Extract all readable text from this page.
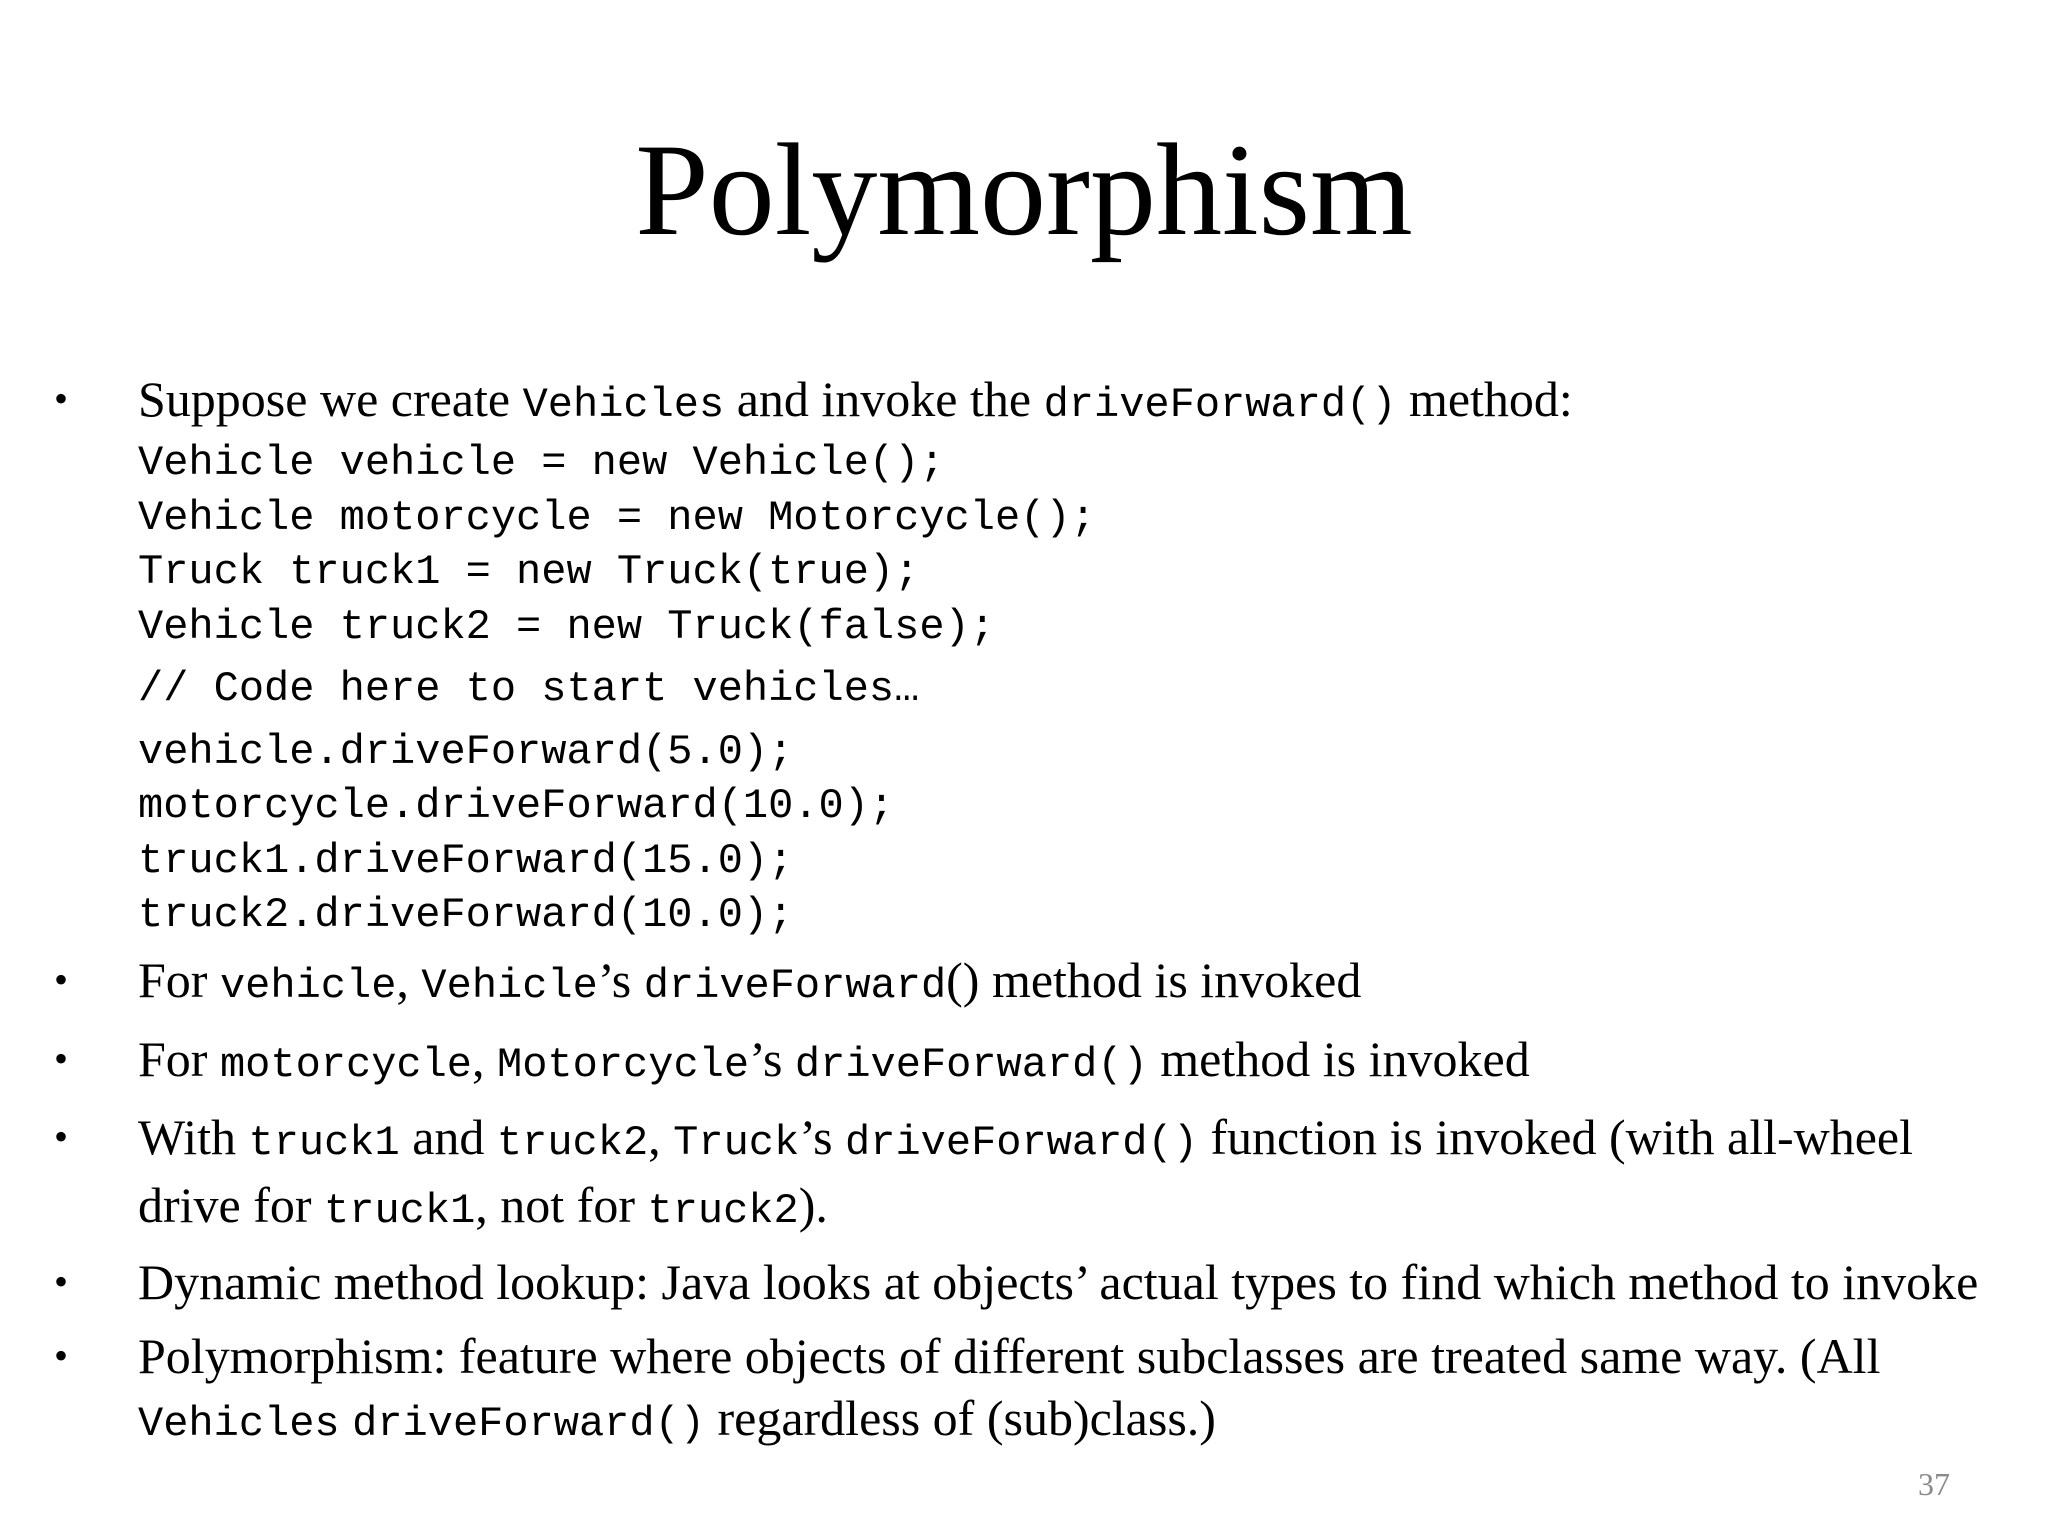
Polymorphism
• Suppose we create Vehicles and invoke the driveForward() method:
Vehicle vehicle = new Vehicle();
Vehicle motorcycle = new Motorcycle();
Truck truck1 = new Truck(true);
Vehicle truck2 = new Truck(false);
// Code here to start vehicles…
vehicle.driveForward(5.0);
motorcycle.driveForward(10.0);
truck1.driveForward(15.0);
truck2.driveForward(10.0);
• For vehicle, Vehicle’s driveForward() method is invoked
• For motorcycle, Motorcycle’s driveForward() method is invoked
• With truck1 and truck2, Truck’s driveForward() function is invoked (with all-wheel drive for truck1, not for truck2).
• Dynamic method lookup: Java looks at objects’ actual types to find which method to invoke
• Polymorphism: feature where objects of different subclasses are treated same way. (All Vehicles driveForward() regardless of (sub)class.)
37
